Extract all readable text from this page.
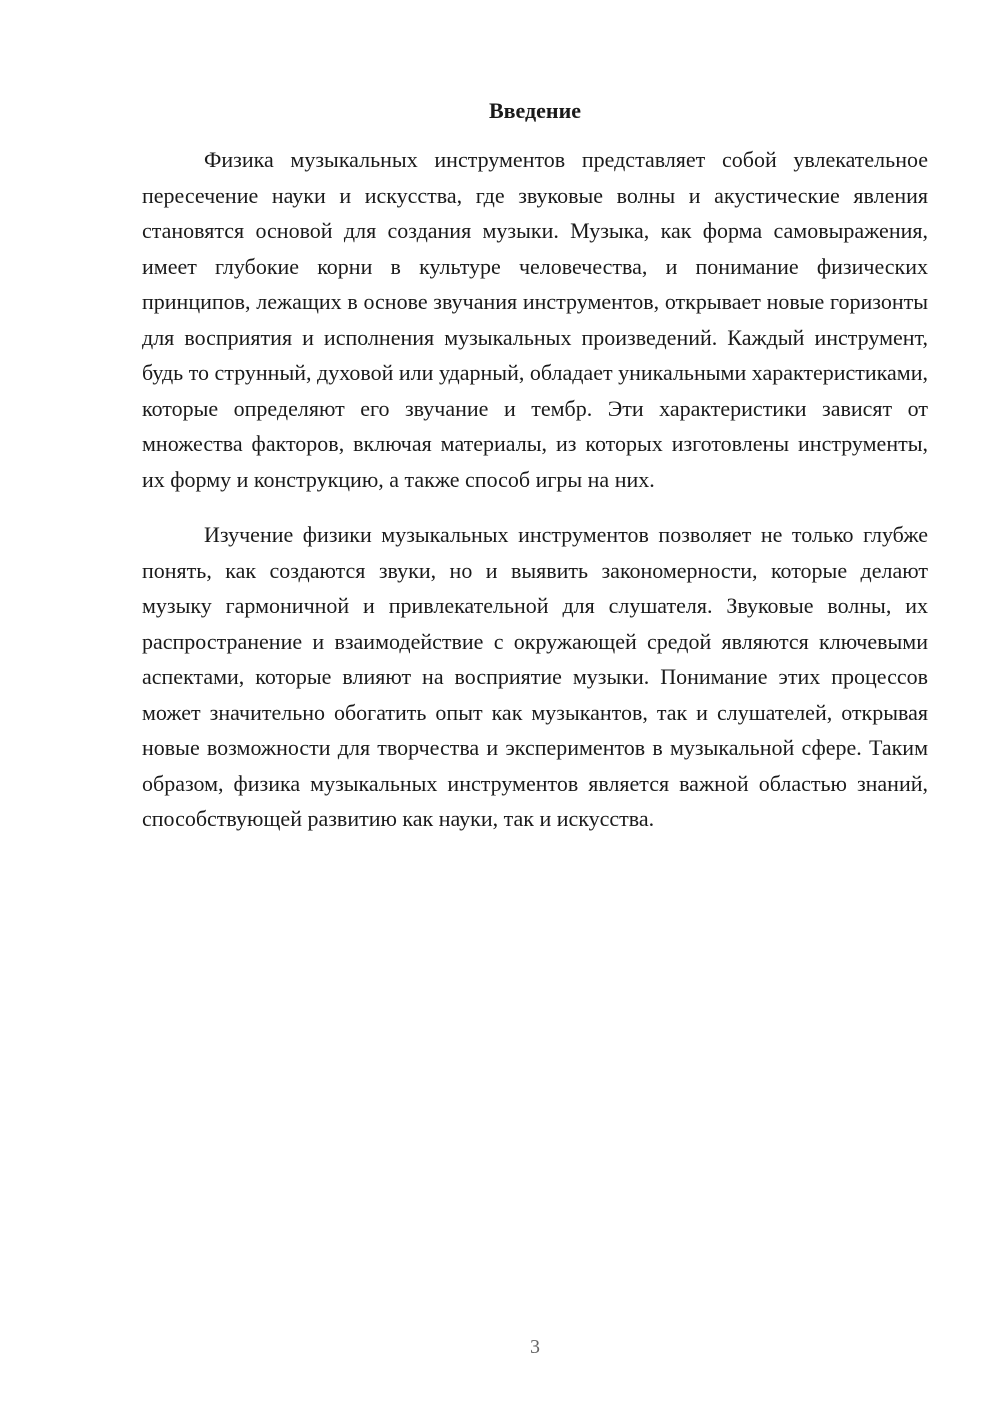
Введение

Физика музыкальных инструментов представляет собой увлекательное пересечение науки и искусства, где звуковые волны и акустические явления становятся основой для создания музыки. Музыка, как форма самовыражения, имеет глубокие корни в культуре человечества, и понимание физических принципов, лежащих в основе звучания инструментов, открывает новые горизонты для восприятия и исполнения музыкальных произведений. Каждый инструмент, будь то струнный, духовой или ударный, обладает уникальными характеристиками, которые определяют его звучание и тембр. Эти характеристики зависят от множества факторов, включая материалы, из которых изготовлены инструменты, их форму и конструкцию, а также способ игры на них.

Изучение физики музыкальных инструментов позволяет не только глубже понять, как создаются звуки, но и выявить закономерности, которые делают музыку гармоничной и привлекательной для слушателя. Звуковые волны, их распространение и взаимодействие с окружающей средой являются ключевыми аспектами, которые влияют на восприятие музыки. Понимание этих процессов может значительно обогатить опыт как музыкантов, так и слушателей, открывая новые возможности для творчества и экспериментов в музыкальной сфере. Таким образом, физика музыкальных инструментов является важной областью знаний, способствующей развитию как науки, так и искусства.

3
